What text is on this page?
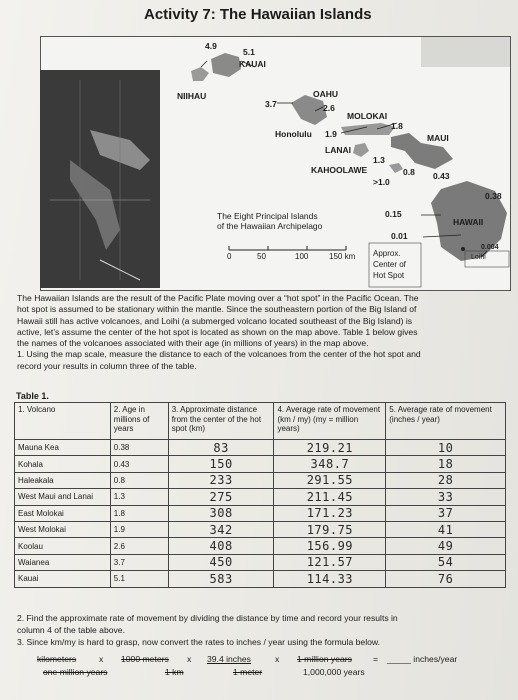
Activity 7: The Hawaiian Islands
4.9
5.1
KAUAI
NIIHAU	OAHU
3.7	2.6
MOLOKAI
1.8
Honolulu 1.9	MAUI
LANAI
1.3
KAHOOLAWE	0.8 0.43
>1.0
0.38
0.15
HAWAII
0.01
0.004
Loihi
The Eight Principal Islands
of the Hawaiian Archipelago
0	50	100	150 km Approx.
Center of
Hot Spot

The Hawaiian Islands are the result of the Pacific Plate moving over a “hot spot” in the Pacific Ocean. The

hot spot is assumed to be stationary within the mantle. Since the southeastern portion of the Big Island of

Hawaii still has active volcanoes, and Loihi (a submerged volcano located southeast of the Big Island) is

active, let’s assume the center of the hot spot is located as shown on the map above. Table 1 below gives

the names of the volcanoes associated with their age (in millions of years) in the map above.

1. Using the map scale, measure the distance to each of the volcanoes from the center of the hot spot and

record your results in column three of the table.

Table 1.
1. Volcano	2. Age in millions of years	3. Approximate distance from the center of the hot spot (km)	4. Average rate of movement (km / my) (my = million years)	5. Average rate of movement (inches / year)
Mauna Kea	0.38	83	219.21	10
Kohala	0.43	150	348.7	18
Haleakala	0.8	233	291.55	28
West Maui and Lanai	1.3	275	211.45	33
East Molokai	1.8	308	171.23	37
West Molokai	1.9	342	179.75	41
Koolau	2.6	408	156.99	49
Waianea	3.7	450	121.57	54
Kauai	5.1	583	114.33	76

2. Find the approximate rate of movement by dividing the distance by time and record your results in

column 4 of the table above.

3. Since km/my is hard to grasp, now convert the rates to inches / year using the formula below.

kilometers	x 1000 meters x 39.4 inches	x 1 million years = _____ inches/year
one million years	1 km	1 meter	1,000,000 years
